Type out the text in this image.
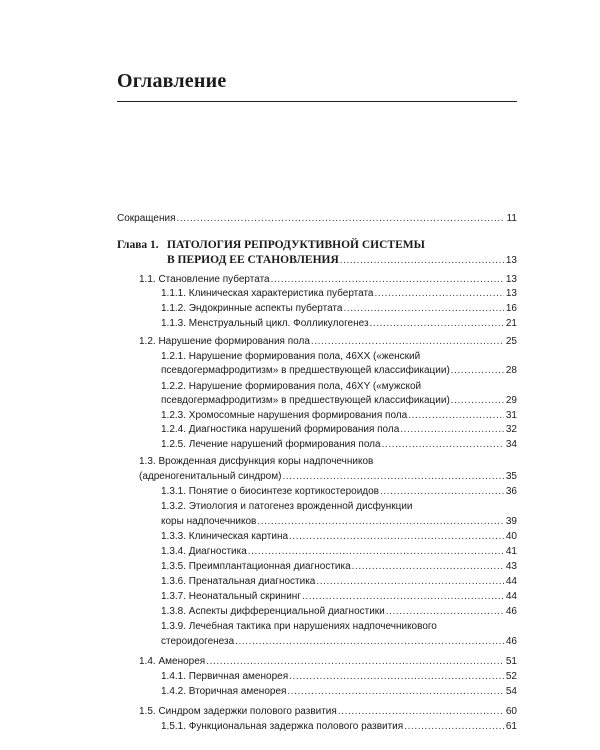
Оглавление
Сокращения .....	11
Глава 1. ПАТОЛОГИЯ РЕПРОДУКТИВНОЙ СИСТЕМЫ
В ПЕРИОД ЕЕ СТАНОВЛЕНИЯ .....	13
1.1. Становление пубертата .....	13
1.1.1. Клиническая характеристика пубертата .....	13
1.1.2. Эндокринные аспекты пубертата .....	16
1.1.3. Менструальный цикл. Фолликулогенез .....	21
1.2. Нарушение формирования пола .....	25
1.2.1. Нарушение формирования пола, 46XX («женский
псевдогермафродитизм» в предшествующей классификации) .....	28
1.2.2. Нарушение формирования пола, 46XY («мужской
псевдогермафродитизм» в предшествующей классификации) .....	29
1.2.3. Хромосомные нарушения формирования пола .....	31
1.2.4. Диагностика нарушений формирования пола .....	32
1.2.5. Лечение нарушений формирования пола .....	34
1.3. Врожденная дисфункция коры надпочечников
(адреногенитальный синдром) .....	35
1.3.1. Понятие о биосинтезе кортикостероидов .....	36
1.3.2. Этиология и патогенез врожденной дисфункции
коры надпочечников .....	39
1.3.3. Клиническая картина .....	40
1.3.4. Диагностика .....	41
1.3.5. Преимплантационная диагностика .....	43
1.3.6. Пренатальная диагностика .....	44
1.3.7. Неонатальный скрининг .....	44
1.3.8. Аспекты дифференциальной диагностики .....	46
1.3.9. Лечебная тактика при нарушениях надпочечникового
стероидогенеза .....	46
1.4. Аменорея .....	51
1.4.1. Первичная аменорея .....	52
1.4.2. Вторичная аменорея .....	54
1.5. Синдром задержки полового развития .....	60
1.5.1. Функциональная задержка полового развития .....	61
